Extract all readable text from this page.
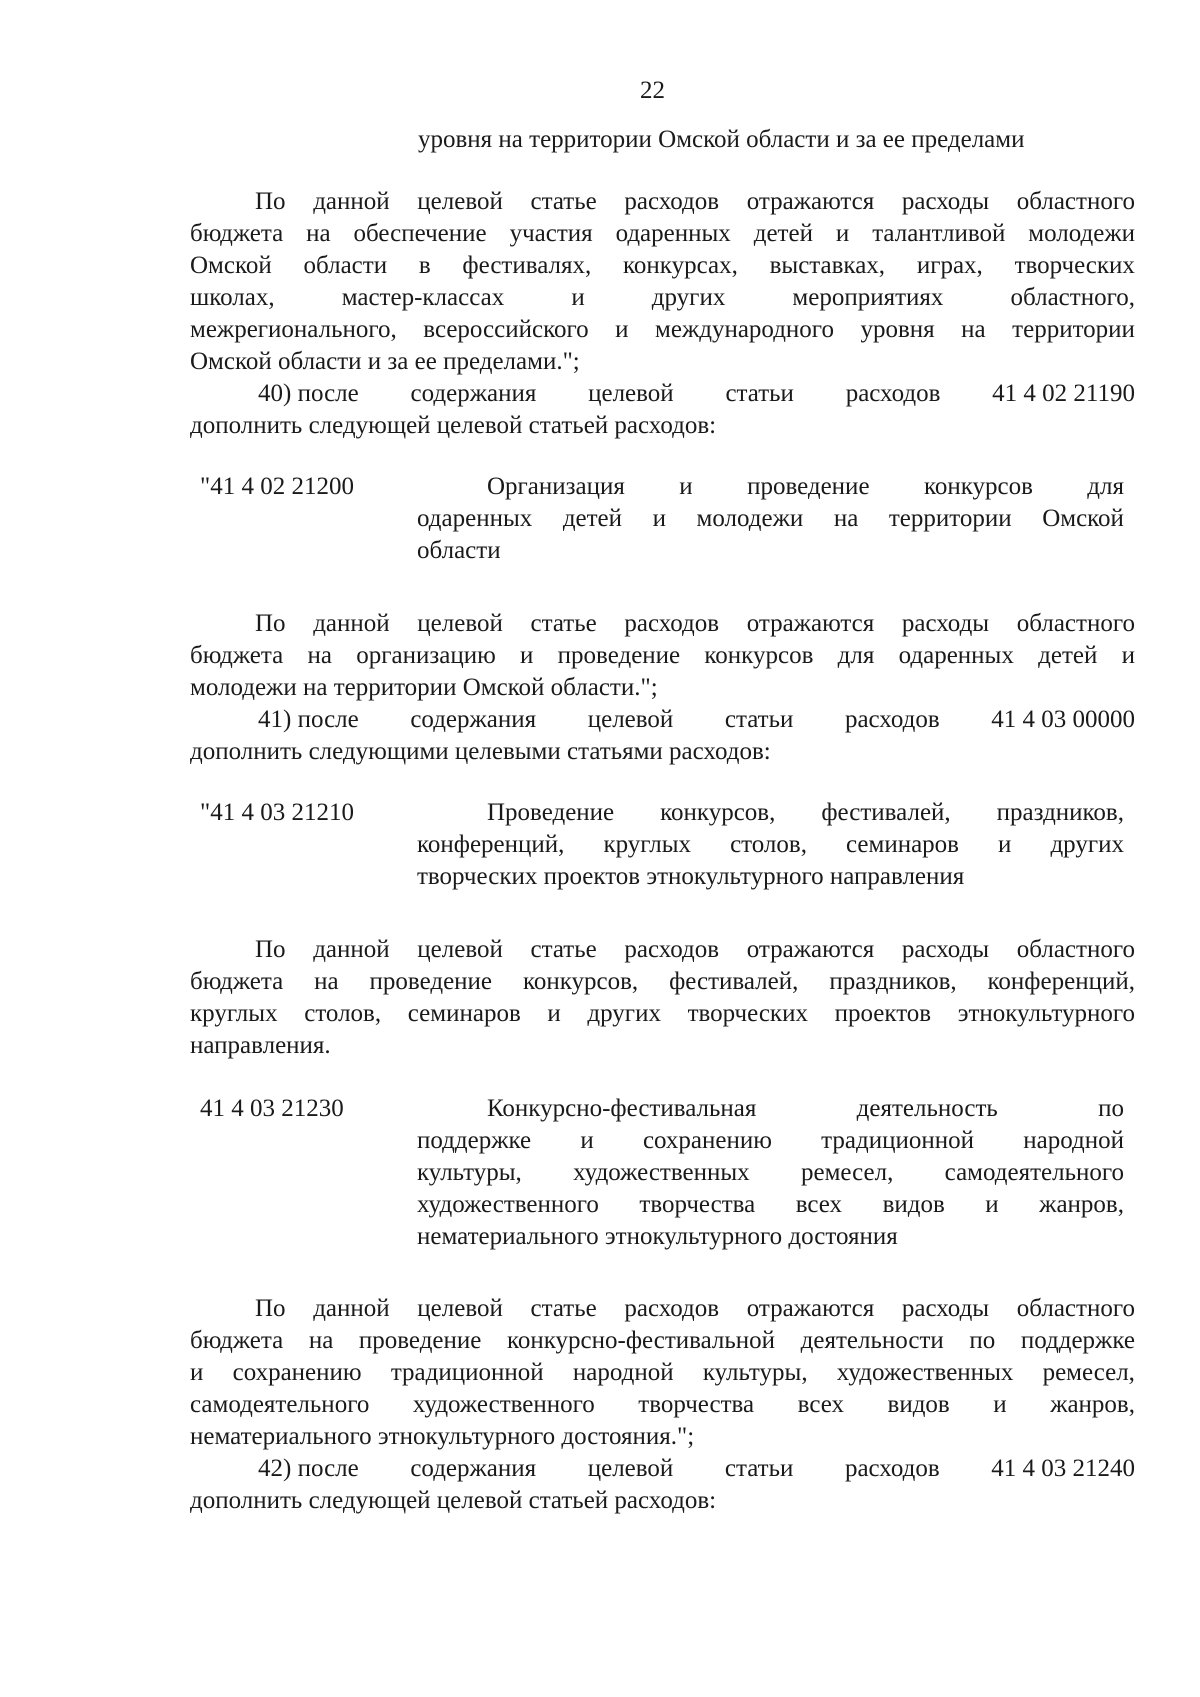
22
уровня на территории Омской области и за ее пределами
По данной целевой статье расходов отражаются расходы областного
бюджета на обеспечение участия одаренных детей и талантливой молодежи
Омской области в фестивалях, конкурсах, выставках, играх, творческих
школах,	мастер-классах	и	других	мероприятиях	областного,
межрегионального, всероссийского и международного уровня на территории
Омской области и за ее пределами.";
40) после содержания целевой статьи расходов 41 4 02 21190
дополнить следующей целевой статьей расходов:
"41 4 02 21200	Организация и проведение конкурсов для
одаренных детей и молодежи на территории Омской
области
По данной целевой статье расходов отражаются расходы областного
бюджета на организацию и проведение конкурсов для одаренных детей и
молодежи на территории Омской области.";
41) после содержания целевой статьи расходов 41 4 03 00000
дополнить следующими целевыми статьями расходов:
"41 4 03 21210	Проведение конкурсов, фестивалей, праздников,
конференций, круглых столов, семинаров и других
творческих проектов этнокультурного направления
По данной целевой статье расходов отражаются расходы областного
бюджета на проведение конкурсов, фестивалей, праздников, конференций,
круглых столов, семинаров и других творческих проектов этнокультурного
направления.
41 4 03 21230	Конкурсно-фестивальная	деятельность	по
поддержке и сохранению традиционной народной
культуры, художественных ремесел, самодеятельного
художественного творчества всех видов и жанров,
нематериального этнокультурного достояния
По данной целевой статье расходов отражаются расходы областного
бюджета на проведение конкурсно-фестивальной деятельности по поддержке
и сохранению традиционной народной культуры, художественных ремесел,
самодеятельного художественного творчества всех видов и жанров,
нематериального этнокультурного достояния.";
42) после содержания целевой статьи расходов 41 4 03 21240
дополнить следующей целевой статьей расходов:
